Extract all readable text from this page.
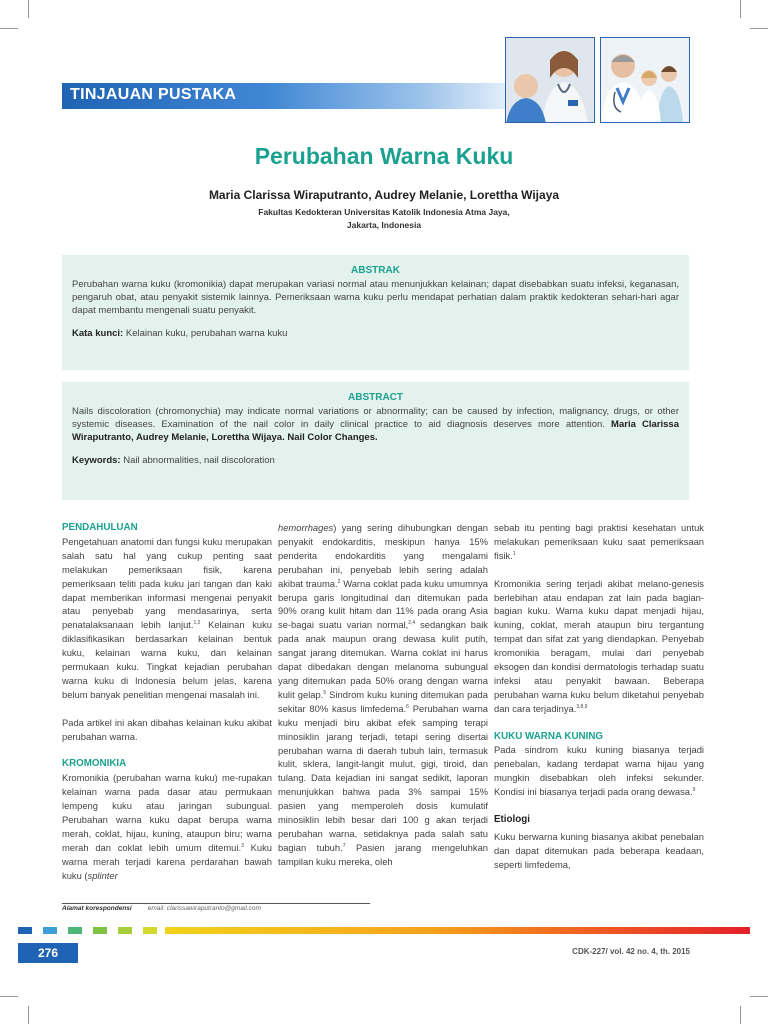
TINJAUAN PUSTAKA
Perubahan Warna Kuku
Maria Clarissa Wiraputranto, Audrey Melanie, Lorettha Wijaya
Fakultas Kedokteran Universitas Katolik Indonesia Atma Jaya,
Jakarta, Indonesia
ABSTRAK

Perubahan warna kuku (kromonikia) dapat merupakan variasi normal atau menunjukkan kelainan; dapat disebabkan suatu infeksi, keganasan, pengaruh obat, atau penyakit sistemik lainnya. Pemeriksaan warna kuku perlu mendapat perhatian dalam praktik kedokteran sehari-hari agar dapat membantu mengenali suatu penyakit.

Kata kunci: Kelainan kuku, perubahan warna kuku

ABSTRACT

Nails discoloration (chromonychia) may indicate normal variations or abnormality; can be caused by infection, malignancy, drugs, or other systemic diseases. Examination of the nail color in daily clinical practice to aid diagnosis deserves more attention. Maria Clarissa Wiraputranto, Audrey Melanie, Lorettha Wijaya. Nail Color Changes.

Keywords: Nail abnormalities, nail discoloration

PENDAHULUAN

Pengetahuan anatomi dan fungsi kuku merupakan salah satu hal yang cukup penting saat melakukan pemeriksaan fisik, karena pemeriksaan teliti pada kuku jari tangan dan kaki dapat memberikan informasi mengenai penyakit atau penyebab yang mendasarinya, serta penatalaksanaan lebih lanjut.$^{1,2}$ Kelainan kuku diklasifikasikan berdasarkan kelainan bentuk kuku, kelainan warna kuku, dan kelainan permukaan kuku. Tingkat kejadian perubahan warna kuku di Indonesia belum jelas, karena belum banyak penelitian mengenai masalah ini.

Pada artikel ini akan dibahas kelainan kuku akibat perubahan warna.

KROMONIKIA

Kromonikia (perubahan warna kuku) me-rupakan kelainan warna pada dasar atau permukaan lempeng kuku atau jaringan subungual. Perubahan warna kuku dapat berupa warna merah, coklat, hijau, kuning, ataupun biru; warna merah dan coklat lebih umum ditemui.$^3$ Kuku warna merah terjadi karena perdarahan bawah kuku (splinter

hemorrhages) yang sering dihubungkan dengan penyakit endokarditis, meskipun hanya 15% penderita endokarditis yang mengalami perubahan ini, penyebab lebih sering adalah akibat trauma.$^2$ Warna coklat pada kuku umumnya berupa garis longitudinal dan ditemukan pada 90% orang kulit hitam dan 11% pada orang Asia se-bagai suatu varian normal,$^{2,4}$ sedangkan baik pada anak maupun orang dewasa kulit putih, sangat jarang ditemukan. Warna coklat ini harus dapat dibedakan dengan melanoma subungual yang ditemukan pada 50% orang dengan warna kulit gelap.$^5$ Sindrom kuku kuning ditemukan pada sekitar 80% kasus limfedema.$^6$ Perubahan warna kuku menjadi biru akibat efek samping terapi minosiklin jarang terjadi, tetapi sering disertai perubahan warna di daerah tubuh lain, termasuk kulit, sklera, langit-langit mulut, gigi, tiroid, dan tulang. Data kejadian ini sangat sedikit, laporan menunjukkan bahwa pada 3% sampai 15% pasien yang memperoleh dosis kumulatif minosiklin lebih besar dari 100 g akan terjadi perubahan warna, setidaknya pada salah satu bagian tubuh.$^7$ Pasien jarang mengeluhkan tampilan kuku mereka, oleh

sebab itu penting bagi praktisi kesehatan untuk melakukan pemeriksaan kuku saat pemeriksaan fisik.$^1$

Kromonikia sering terjadi akibat melano-genesis berlebihan atau endapan zat lain pada bagian-bagian kuku. Warna kuku dapat menjadi hijau, kuning, coklat, merah ataupun biru tergantung tempat dan sifat zat yang diendapkan. Penyebab kromonikia beragam, mulai dari penyebab eksogen dan kondisi dermatologis terhadap suatu infeksi atau penyakit bawaan. Beberapa perubahan warna kuku belum diketahui penyebab dan cara terjadinya.$^{3,8,9}$

KUKU WARNA KUNING

Pada sindrom kuku kuning biasanya terjadi penebalan, kadang terdapat warna hijau yang mungkin disebabkan oleh infeksi sekunder. Kondisi ini biasanya terjadi pada orang dewasa.$^9$

Etiologi

Kuku berwarna kuning biasanya akibat penebalan dan dapat ditemukan pada beberapa keadaan, seperti limfedema,

Alamat korespondensi email: clarissawiraputranto@gmail.com
276	CDK-227/ vol. 42 no. 4, th. 2015
